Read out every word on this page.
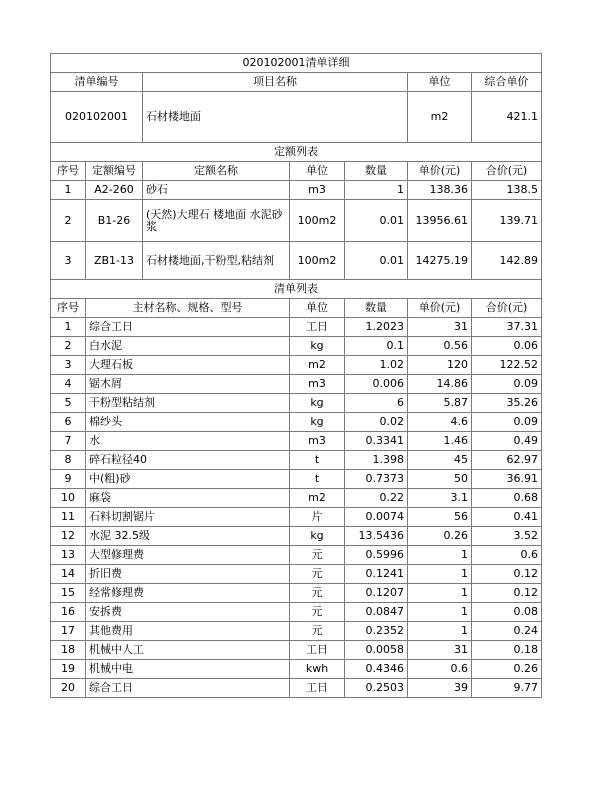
020102001清单详细						
清单编号		项目名称			单位	综合单价
020102001		石材楼地面			m2	421.1
定额列表						
序号	定额编号	定额名称	单位	数量	单价(元)	合价(元)
1	A2-260	砂石	m3	1	138.36	138.5
2	B1-26	(天然)大理石 楼地面 水泥砂浆	100m2	0.01	13956.61	139.71
3	ZB1-13	石材楼地面,干粉型,粘结剂	100m2	0.01	14275.19	142.89
清单列表						
序号	主材名称、规格、型号		单位	数量	单价(元)	合价(元)
1	综合工日		工日	1.2023	31	37.31
2	白水泥		kg	0.1	0.56	0.06
3	大理石板		m2	1.02	120	122.52
4	锯木屑		m3	0.006	14.86	0.09
5	干粉型粘结剂		kg	6	5.87	35.26
6	棉纱头		kg	0.02	4.6	0.09
7	水		m3	0.3341	1.46	0.49
8	碎石粒径40		t	1.398	45	62.97
9	中(粗)砂		t	0.7373	50	36.91
10	麻袋		m2	0.22	3.1	0.68
11	石料切割锯片		片	0.0074	56	0.41
12	水泥 32.5级		kg	13.5436	0.26	3.52
13	大型修理费		元	0.5996	1	0.6
14	折旧费		元	0.1241	1	0.12
15	经常修理费		元	0.1207	1	0.12
16	安拆费		元	0.0847	1	0.08
17	其他费用		元	0.2352	1	0.24
18	机械中人工		工日	0.0058	31	0.18
19	机械中电		kwh	0.4346	0.6	0.26
20	综合工日		工日	0.2503	39	9.77
